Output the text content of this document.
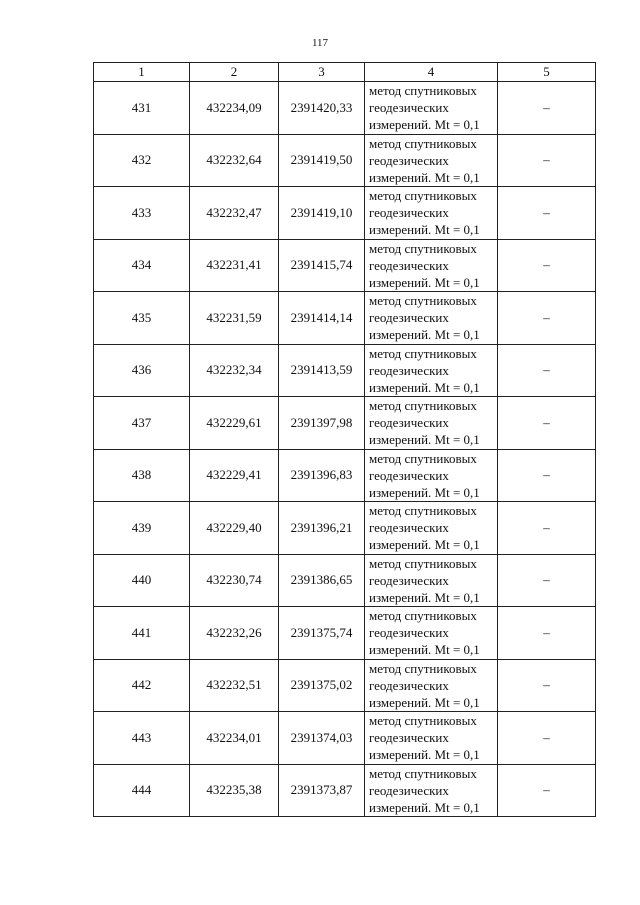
117
1	2	3	4	5
431	432234,09	2391420,33	метод спутниковых
геодезических
измерений. Mt = 0,1	–
432	432232,64	2391419,50	метод спутниковых
геодезических
измерений. Mt = 0,1	–
433	432232,47	2391419,10	метод спутниковых
геодезических
измерений. Mt = 0,1	–
434	432231,41	2391415,74	метод спутниковых
геодезических
измерений. Mt = 0,1	–
435	432231,59	2391414,14	метод спутниковых
геодезических
измерений. Mt = 0,1	–
436	432232,34	2391413,59	метод спутниковых
геодезических
измерений. Mt = 0,1	–
437	432229,61	2391397,98	метод спутниковых
геодезических
измерений. Mt = 0,1	–
438	432229,41	2391396,83	метод спутниковых
геодезических
измерений. Mt = 0,1	–
439	432229,40	2391396,21	метод спутниковых
геодезических
измерений. Mt = 0,1	–
440	432230,74	2391386,65	метод спутниковых
геодезических
измерений. Mt = 0,1	–
441	432232,26	2391375,74	метод спутниковых
геодезических
измерений. Mt = 0,1	–
442	432232,51	2391375,02	метод спутниковых
геодезических
измерений. Mt = 0,1	–
443	432234,01	2391374,03	метод спутниковых
геодезических
измерений. Mt = 0,1	–
444	432235,38	2391373,87	метод спутниковых
геодезических
измерений. Mt = 0,1	–
